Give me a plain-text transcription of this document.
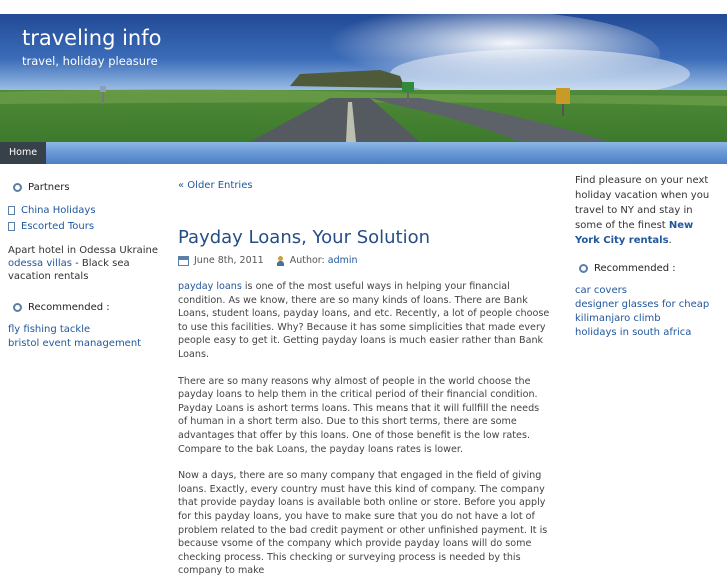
traveling info
travel, holiday pleasure
Home
Partners
China Holidays
Escorted Tours
Apart hotel in Odessa Ukraine
odessa villas - Black sea vacation rentals
Recommended :
fly fishing tackle
bristol event management
« Older Entries
Payday Loans, Your Solution
June 8th, 2011	Author:
admin

payday loans is one of the most useful ways in helping your financial condition. As we know, there are so many kinds of loans. There are Bank Loans, student loans, payday loans, and etc. Recently, a lot of people choose to use this facilities. Why? Because it has some simplicities that made every people easy to get it. Getting payday loans is much easier rather than Bank Loans.

There are so many reasons why almost of people in the world choose the payday loans to help them in the critical period of their financial condition. Payday Loans is ashort terms loans. This means that it will fullfill the needs of human in a short term also. Due to this short terms, there are some advantages that offer by this loans. One of those benefit is the low rates. Compare to the bak Loans, the payday loans rates is lower.

Now a days, there are so many company that engaged in the field of giving loans. Exactly, every country must have this kind of company. The company that provide payday loans is available both online or store. Before you apply for this payday loans, you have to make sure that you do not have a lot of problem related to the bad credit payment or other unfinished payment. It is because vsome of the company which provide payday loans will do some checking process. This checking or surveying process is needed by this company to make

Find pleasure on your next holiday vacation when you travel to NY and stay in some of the finest New York City rentals.
Recommended :
car covers
designer glasses for cheap
kilimanjaro climb
holidays in south africa
